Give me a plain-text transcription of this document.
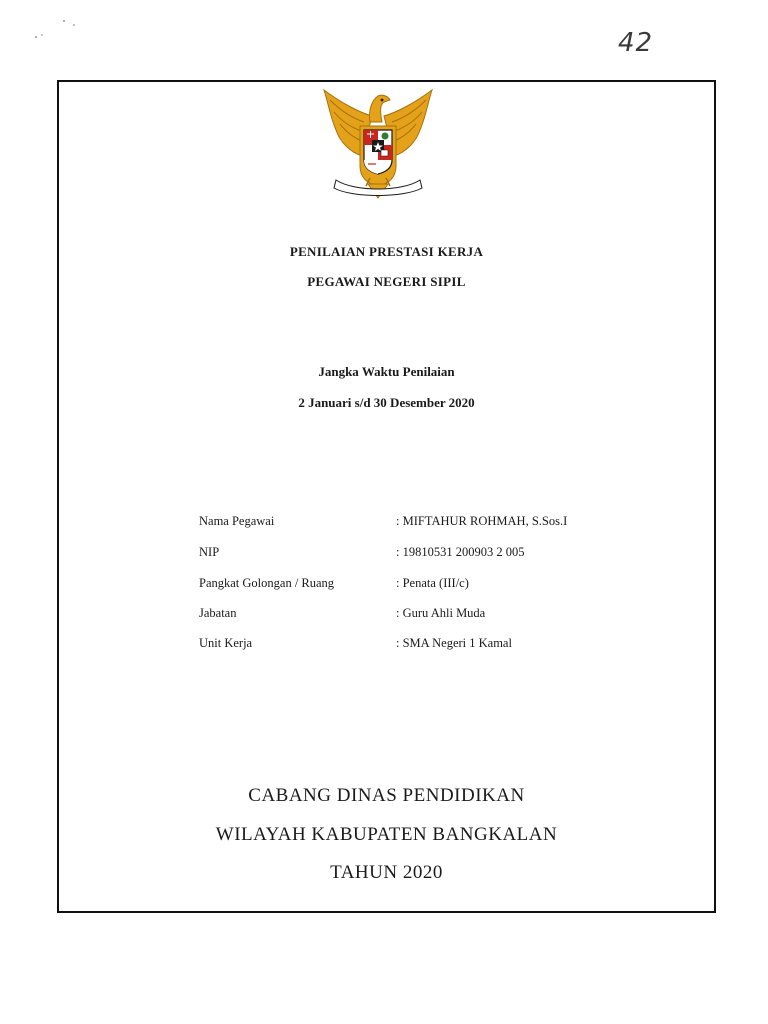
42
PENILAIAN PRESTASI KERJA
PEGAWAI NEGERI SIPIL
Jangka Waktu Penilaian
2 Januari s/d 30 Desember 2020
Nama Pegawai	: MIFTAHUR ROHMAH, S.Sos.I
NIP	: 19810531 200903 2 005
Pangkat Golongan / Ruang	: Penata (III/c)
Jabatan	: Guru Ahli Muda
Unit Kerja	: SMA Negeri 1 Kamal
CABANG DINAS PENDIDIKAN
WILAYAH KABUPATEN BANGKALAN
TAHUN 2020
